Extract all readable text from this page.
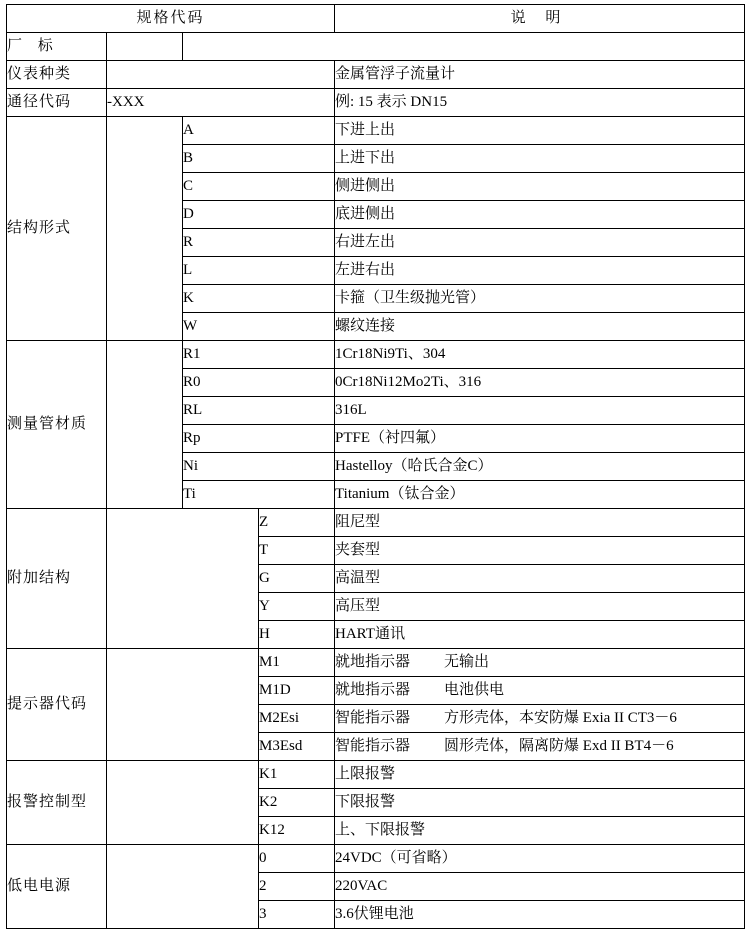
规格代码				说 明
厂 标				
仪表种类				金属管浮子流量计
通径代码	-XXX			例: 15 表示 DN15
结构形式		A		下进上出
		B		上进下出
		C		侧进侧出
		D		底进侧出
		R		右进左出
		L		左进右出
		K		卡箍（卫生级抛光管）
		W		螺纹连接
测量管材质		R1		1Cr18Ni9Ti、304
		R0		0Cr18Ni12Mo2Ti、316
		RL		316L
		Rp		PTFE（衬四氟）
		Ni		Hastelloy（哈氏合金C）
		Ti		Titanium（钛合金）
附加结构			Z	阻尼型
			T	夹套型
			G	高温型
			Y	高压型
			H	HART通讯
提示器代码			M1	就地指示器 无输出
			M1D	就地指示器 电池供电
			M2Esi	智能指示器 方形壳体，本安防爆 Exia II CT3－6
			M3Esd	智能指示器 圆形壳体，隔离防爆 Exd II BT4－6
报警控制型			K1	上限报警
			K2	下限报警
			K12	上、下限报警
低电电源			0	24VDC（可省略）
			2	220VAC
			3	3.6伏锂电池
